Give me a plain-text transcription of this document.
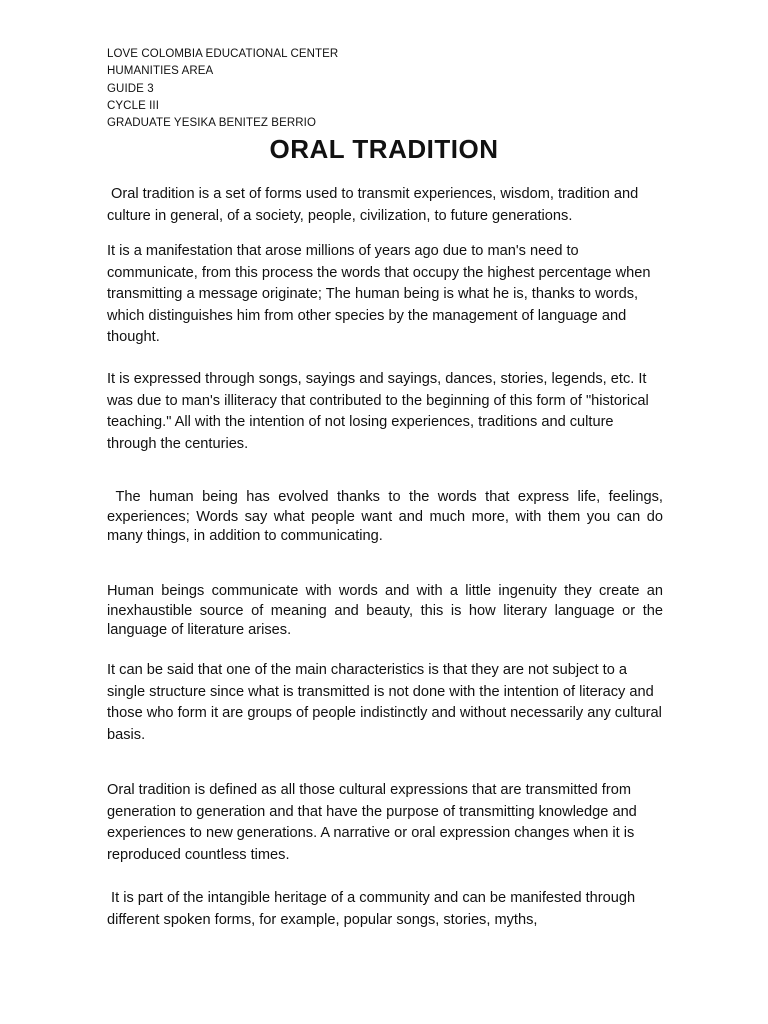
LOVE COLOMBIA EDUCATIONAL CENTER
HUMANITIES AREA
GUIDE 3
CYCLE III
GRADUATE YESIKA BENITEZ BERRIO
ORAL TRADITION

Oral tradition is a set of forms used to transmit experiences, wisdom, tradition and culture in general, of a society, people, civilization, to future generations.

It is a manifestation that arose millions of years ago due to man's need to communicate, from this process the words that occupy the highest percentage when transmitting a message originate; The human being is what he is, thanks to words, which distinguishes him from other species by the management of language and thought.

It is expressed through songs, sayings and sayings, dances, stories, legends, etc. It was due to man's illiteracy that contributed to the beginning of this form of "historical teaching." All with the intention of not losing experiences, traditions and culture through the centuries.

The human being has evolved thanks to the words that express life, feelings, experiences; Words say what people want and much more, with them you can do many things, in addition to communicating.

Human beings communicate with words and with a little ingenuity they create an inexhaustible source of meaning and beauty, this is how literary language or the language of literature arises.

It can be said that one of the main characteristics is that they are not subject to a single structure since what is transmitted is not done with the intention of literacy and those who form it are groups of people indistinctly and without necessarily any cultural basis.

Oral tradition is defined as all those cultural expressions that are transmitted from generation to generation and that have the purpose of transmitting knowledge and experiences to new generations. A narrative or oral expression changes when it is reproduced countless times.

It is part of the intangible heritage of a community and can be manifested through different spoken forms, for example, popular songs, stories, myths,
